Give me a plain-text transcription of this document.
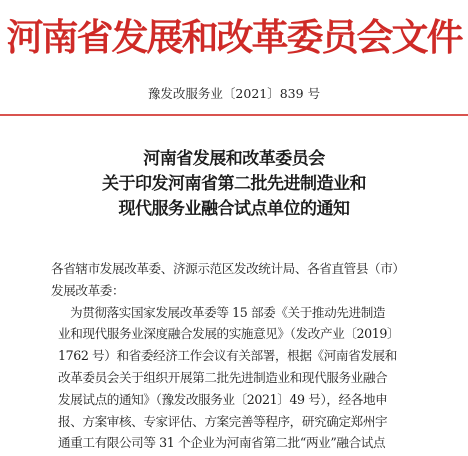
河南省发展和改革委员会文件
豫发改服务业〔2021〕839 号
河南省发展和改革委员会
关于印发河南省第二批先进制造业和
现代服务业融合试点单位的通知
各省辖市发展改革委、济源示范区发改统计局、各省直管县（市）
发展改革委：
为贯彻落实国家发展改革委等 15 部委《关于推动先进制造
业和现代服务业深度融合发展的实施意见》（发改产业〔2019〕
1762 号）和省委经济工作会议有关部署，根据《河南省发展和
改革委员会关于组织开展第二批先进制造业和现代服务业融合
发展试点的通知》（豫发改服务业〔2021〕49 号），经各地申
报、方案审核、专家评估、方案完善等程序，研究确定郑州宇
通重工有限公司等 31 个企业为河南省第二批“两业”融合试点
